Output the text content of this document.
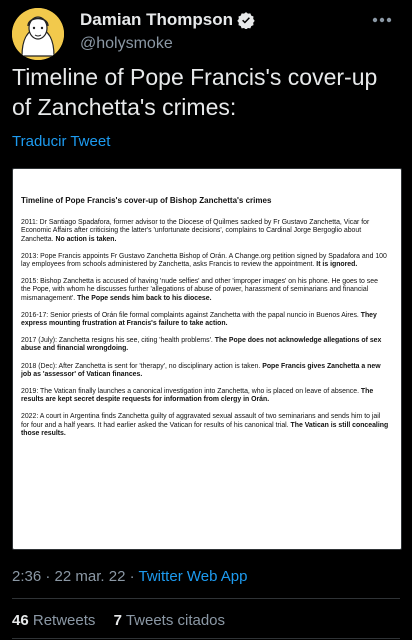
Damian Thompson
@holysmoke
Timeline of Pope Francis's cover-up of Zanchetta's crimes:
Traducir Tweet
Timeline of Pope Francis's cover-up of Bishop Zanchetta's crimes
2011: Dr Santiago Spadafora, former advisor to the Diocese of Quilmes sacked by Fr Gustavo Zanchetta, Vicar for Economic Affairs after criticising the latter's 'unfortunate decisions', complains to Cardinal Jorge Bergoglio about Zanchetta. No action is taken.
2013: Pope Francis appoints Fr Gustavo Zanchetta Bishop of Orán. A Change.org petition signed by Spadafora and 100 lay employees from schools administered by Zanchetta, asks Francis to review the appointment. It is ignored.
2015: Bishop Zanchetta is accused of having 'nude selfies' and other 'improper images' on his phone. He goes to see the Pope, with whom he discusses further 'allegations of abuse of power, harassment of seminarians and financial mismanagement'. The Pope sends him back to his diocese.
2016-17: Senior priests of Orán file formal complaints against Zanchetta with the papal nuncio in Buenos Aires. They express mounting frustration at Francis's failure to take action.
2017 (July): Zanchetta resigns his see, citing 'health problems'. The Pope does not acknowledge allegations of sex abuse and financial wrongdoing.
2018 (Dec): After Zanchetta is sent for 'therapy', no disciplinary action is taken. Pope Francis gives Zanchetta a new job as 'assessor' of Vatican finances.
2019: The Vatican finally launches a canonical investigation into Zanchetta, who is placed on leave of absence. The results are kept secret despite requests for information from clergy in Orán.
2022: A court in Argentina finds Zanchetta guilty of aggravated sexual assault of two seminarians and sends him to jail for four and a half years. It had earlier asked the Vatican for results of his canonical trial. The Vatican is still concealing those results.
2:36 · 22 mar. 22 · Twitter Web App
46 Retweets 7 Tweets citados
